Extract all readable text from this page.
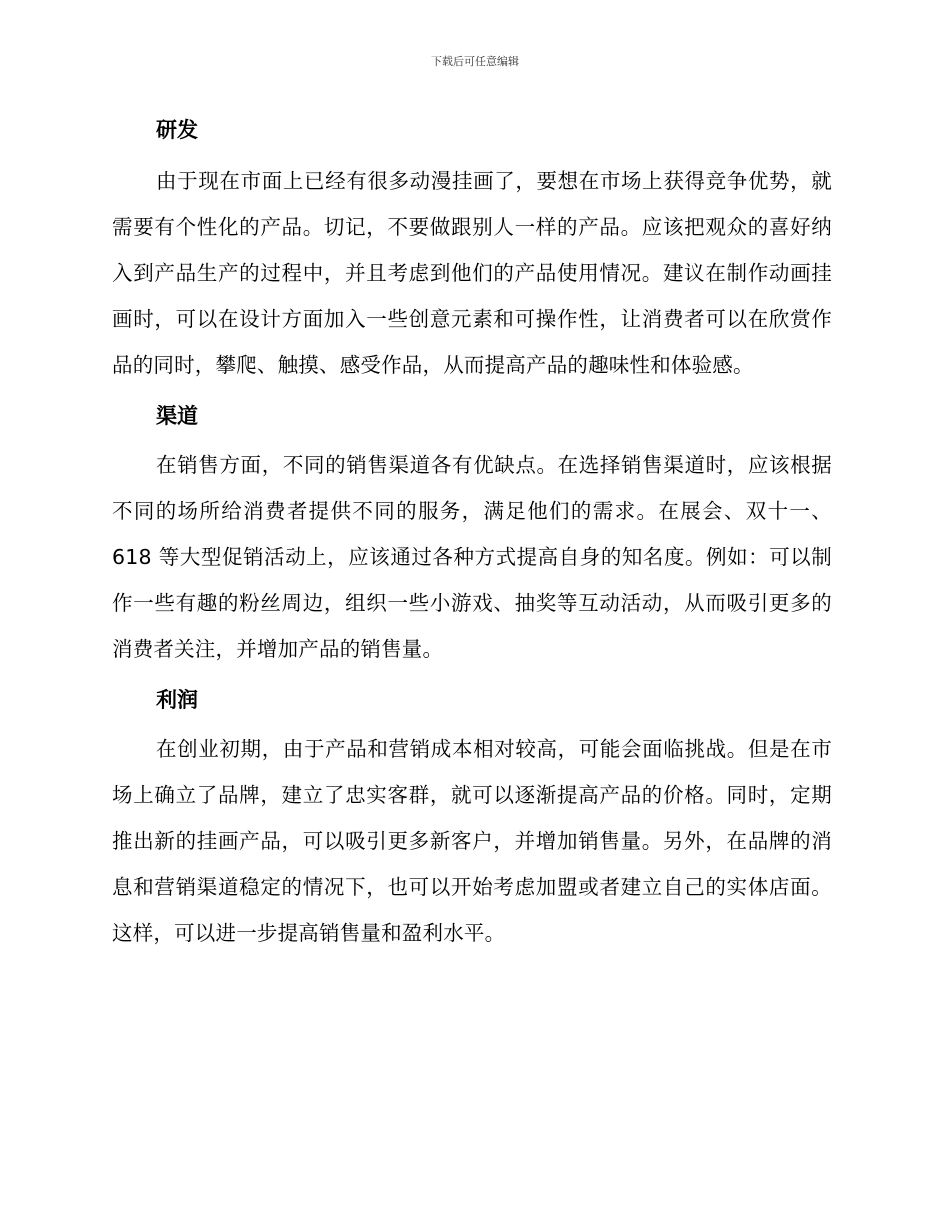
下载后可任意编辑
研发

由于现在市面上已经有很多动漫挂画了，要想在市场上获得竞争优势，就需要有个性化的产品。切记，不要做跟别人一样的产品。应该把观众的喜好纳入到产品生产的过程中，并且考虑到他们的产品使用情况。建议在制作动画挂画时，可以在设计方面加入一些创意元素和可操作性，让消费者可以在欣赏作品的同时，攀爬、触摸、感受作品，从而提高产品的趣味性和体验感。

渠道

在销售方面，不同的销售渠道各有优缺点。在选择销售渠道时，应该根据不同的场所给消费者提供不同的服务，满足他们的需求。在展会、双十一、618 等大型促销活动上，应该通过各种方式提高自身的知名度。例如：可以制作一些有趣的粉丝周边，组织一些小游戏、抽奖等互动活动，从而吸引更多的消费者关注，并增加产品的销售量。

利润

在创业初期，由于产品和营销成本相对较高，可能会面临挑战。但是在市场上确立了品牌，建立了忠实客群，就可以逐渐提高产品的价格。同时，定期推出新的挂画产品，可以吸引更多新客户，并增加销售量。另外，在品牌的消息和营销渠道稳定的情况下，也可以开始考虑加盟或者建立自己的实体店面。这样，可以进一步提高销售量和盈利水平。
